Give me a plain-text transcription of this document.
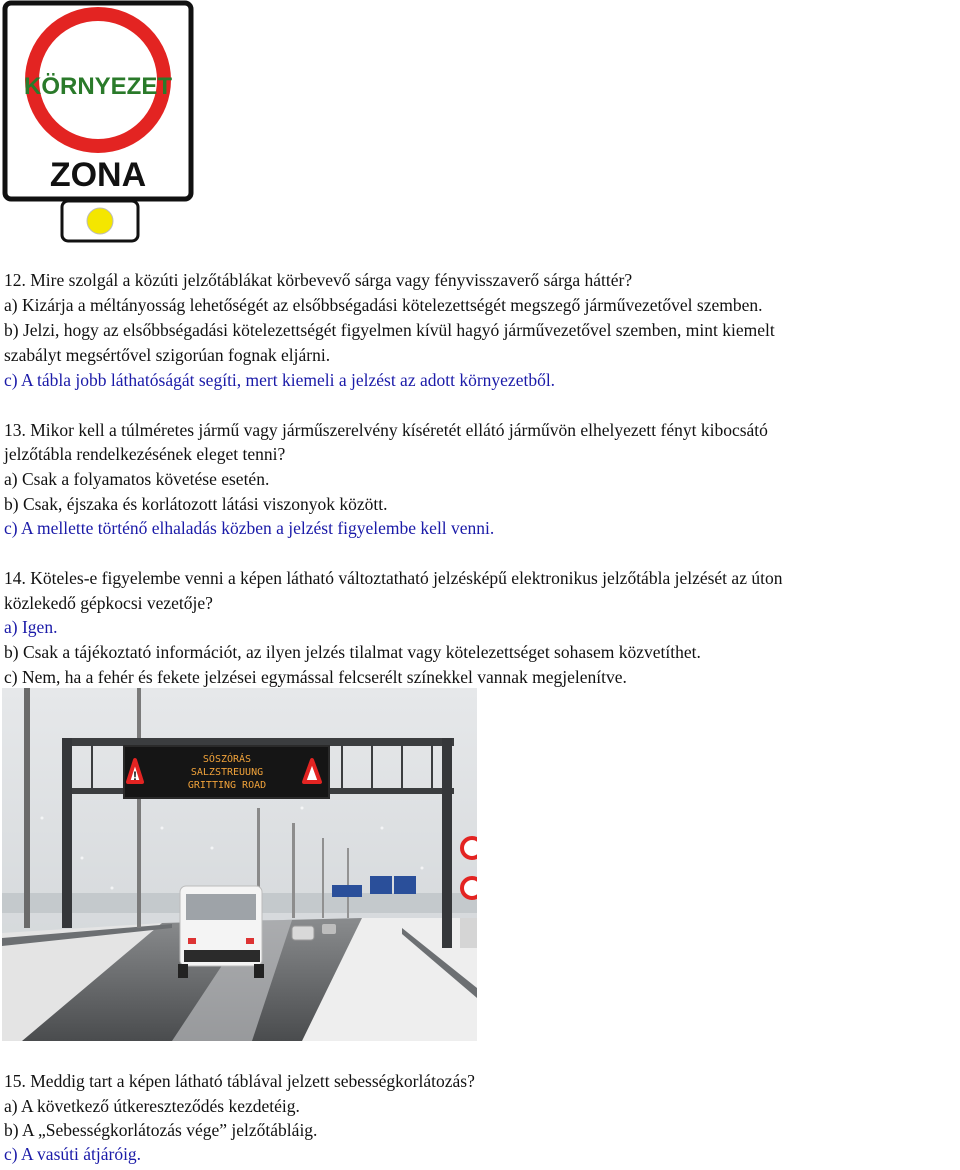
KÖRNYEZET
ZONA
12. Mire szolgál a közúti jelzőtáblákat körbevevő sárga vagy fényvisszaverő sárga háttér?
a) Kizárja a méltányosság lehetőségét az elsőbbségadási kötelezettségét megszegő járművezetővel szemben.
b) Jelzi, hogy az elsőbbségadási kötelezettségét figyelmen kívül hagyó járművezetővel szemben, mint kiemelt
szabályt megsértővel szigorúan fognak eljárni.
c) A tábla jobb láthatóságát segíti, mert kiemeli a jelzést az adott környezetből.
13. Mikor kell a túlméretes jármű vagy járműszerelvény kíséretét ellátó járművön elhelyezett fényt kibocsátó
jelzőtábla rendelkezésének eleget tenni?
a) Csak a folyamatos követése esetén.
b) Csak, éjszaka és korlátozott látási viszonyok között.
c) A mellette történő elhaladás közben a jelzést figyelembe kell venni.
14. Köteles-e figyelembe venni a képen látható változtatható jelzésképű elektronikus jelzőtábla jelzését az úton
közlekedő gépkocsi vezetője?
a) Igen.
b) Csak a tájékoztató információt, az ilyen jelzés tilalmat vagy kötelezettséget sohasem közvetíthet.
c) Nem, ha a fehér és fekete jelzései egymással felcserélt színekkel vannak megjelenítve.
!
SÓSZÓRÁS
SALZSTREUUNG
GRITTING ROAD
15. Meddig tart a képen látható táblával jelzett sebességkorlátozás?
a) A következő útkereszteződés kezdetéig.
b) A „Sebességkorlátozás vége” jelzőtábláig.
c) A vasúti átjáróig.
